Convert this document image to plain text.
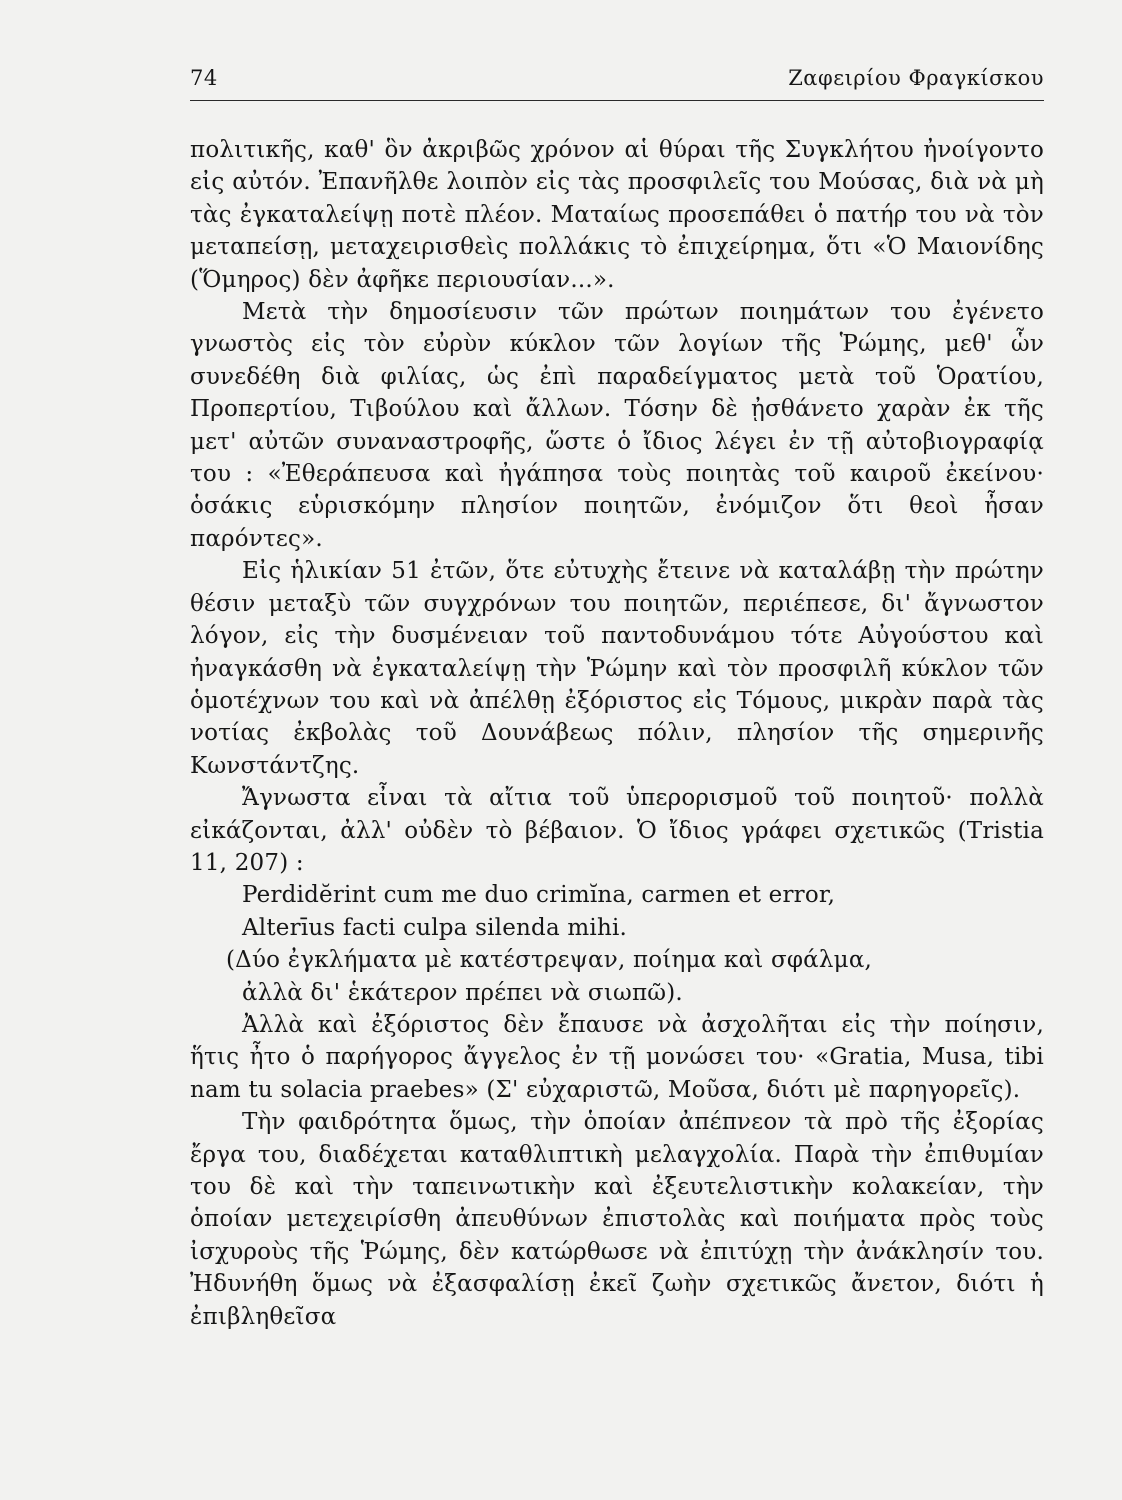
74	Ζαφειρίου Φραγκίσκου

πολιτικῆς, καθ' ὃν ἀκριβῶς χρόνον αἱ θύραι τῆς Συγκλήτου ἠνοίγοντο εἰς αὐτόν. Ἐπανῆλθε λοιπὸν εἰς τὰς προσφιλεῖς του Μούσας, διὰ νὰ μὴ τὰς ἐγκαταλείψῃ ποτὲ πλέον. Ματαίως προσεπάθει ὁ πατήρ του νὰ τὸν μεταπείσῃ, μεταχειρισθεὶς πολλάκις τὸ ἐπιχείρημα, ὅτι «Ὁ Μαιονίδης (Ὅμηρος) δὲν ἀφῆκε περιουσίαν...».

Μετὰ τὴν δημοσίευσιν τῶν πρώτων ποιημάτων του ἐγένετο γνωστὸς εἰς τὸν εὐρὺν κύκλον τῶν λογίων τῆς Ῥώμης, μεθ' ὧν συνεδέθη διὰ φιλίας, ὡς ἐπὶ παραδείγματος μετὰ τοῦ Ὁρατίου, Προπερτίου, Τιβούλου καὶ ἄλλων. Τόσην δὲ ᾐσθάνετο χαρὰν ἐκ τῆς μετ' αὐτῶν συναναστροφῆς, ὥστε ὁ ἴδιος λέγει ἐν τῇ αὐτοβιογραφίᾳ του : «Ἐθεράπευσα καὶ ἠγάπησα τοὺς ποιητὰς τοῦ καιροῦ ἐκείνου· ὁσάκις εὑρισκόμην πλησίον ποιητῶν, ἐνόμιζον ὅτι θεοὶ ἦσαν παρόντες».

Εἰς ἡλικίαν 51 ἐτῶν, ὅτε εὐτυχὴς ἔτεινε νὰ καταλάβῃ τὴν πρώτην θέσιν μεταξὺ τῶν συγχρόνων του ποιητῶν, περιέπεσε, δι' ἄγνωστον λόγον, εἰς τὴν δυσμένειαν τοῦ παντοδυνάμου τότε Αὐγούστου καὶ ἠναγκάσθη νὰ ἐγκαταλείψῃ τὴν Ῥώμην καὶ τὸν προσφιλῆ κύκλον τῶν ὁμοτέχνων του καὶ νὰ ἀπέλθῃ ἐξόριστος εἰς Τόμους, μικρὰν παρὰ τὰς νοτίας ἐκβολὰς τοῦ Δουνάβεως πόλιν, πλησίον τῆς σημερινῆς Κωνστάντζης.

Ἄγνωστα εἶναι τὰ αἴτια τοῦ ὑπερορισμοῦ τοῦ ποιητοῦ· πολλὰ εἰκάζονται, ἀλλ' οὐδὲν τὸ βέβαιον. Ὁ ἴδιος γράφει σχετικῶς (Tristia 11, 207) :

Perdidĕrint cum me duo crimĭna, carmen et error,
Alterīus facti culpa silenda mihi.
(Δύο ἐγκλήματα μὲ κατέστρεψαν, ποίημα καὶ σφάλμα,
ἀλλὰ δι' ἑκάτερον πρέπει νὰ σιωπῶ).

Ἀλλὰ καὶ ἐξόριστος δὲν ἔπαυσε νὰ ἀσχολῆται εἰς τὴν ποίησιν, ἥτις ἦτο ὁ παρήγορος ἄγγελος ἐν τῇ μονώσει του· «Gratia, Musa, tibi nam tu solacia praebes» (Σ' εὐχαριστῶ, Μοῦσα, διότι μὲ παρηγορεῖς).

Τὴν φαιδρότητα ὅμως, τὴν ὁποίαν ἀπέπνεον τὰ πρὸ τῆς ἐξορίας ἔργα του, διαδέχεται καταθλιπτικὴ μελαγχολία. Παρὰ τὴν ἐπιθυμίαν του δὲ καὶ τὴν ταπεινωτικὴν καὶ ἐξευτελιστικὴν κολακείαν, τὴν ὁποίαν μετεχειρίσθη ἀπευθύνων ἐπιστολὰς καὶ ποιήματα πρὸς τοὺς ἰσχυροὺς τῆς Ῥώμης, δὲν κατώρθωσε νὰ ἐπιτύχῃ τὴν ἀνάκλησίν του. Ἠδυνήθη ὅμως νὰ ἐξασφαλίσῃ ἐκεῖ ζωὴν σχετικῶς ἄνετον, διότι ἡ ἐπιβληθεῖσα
